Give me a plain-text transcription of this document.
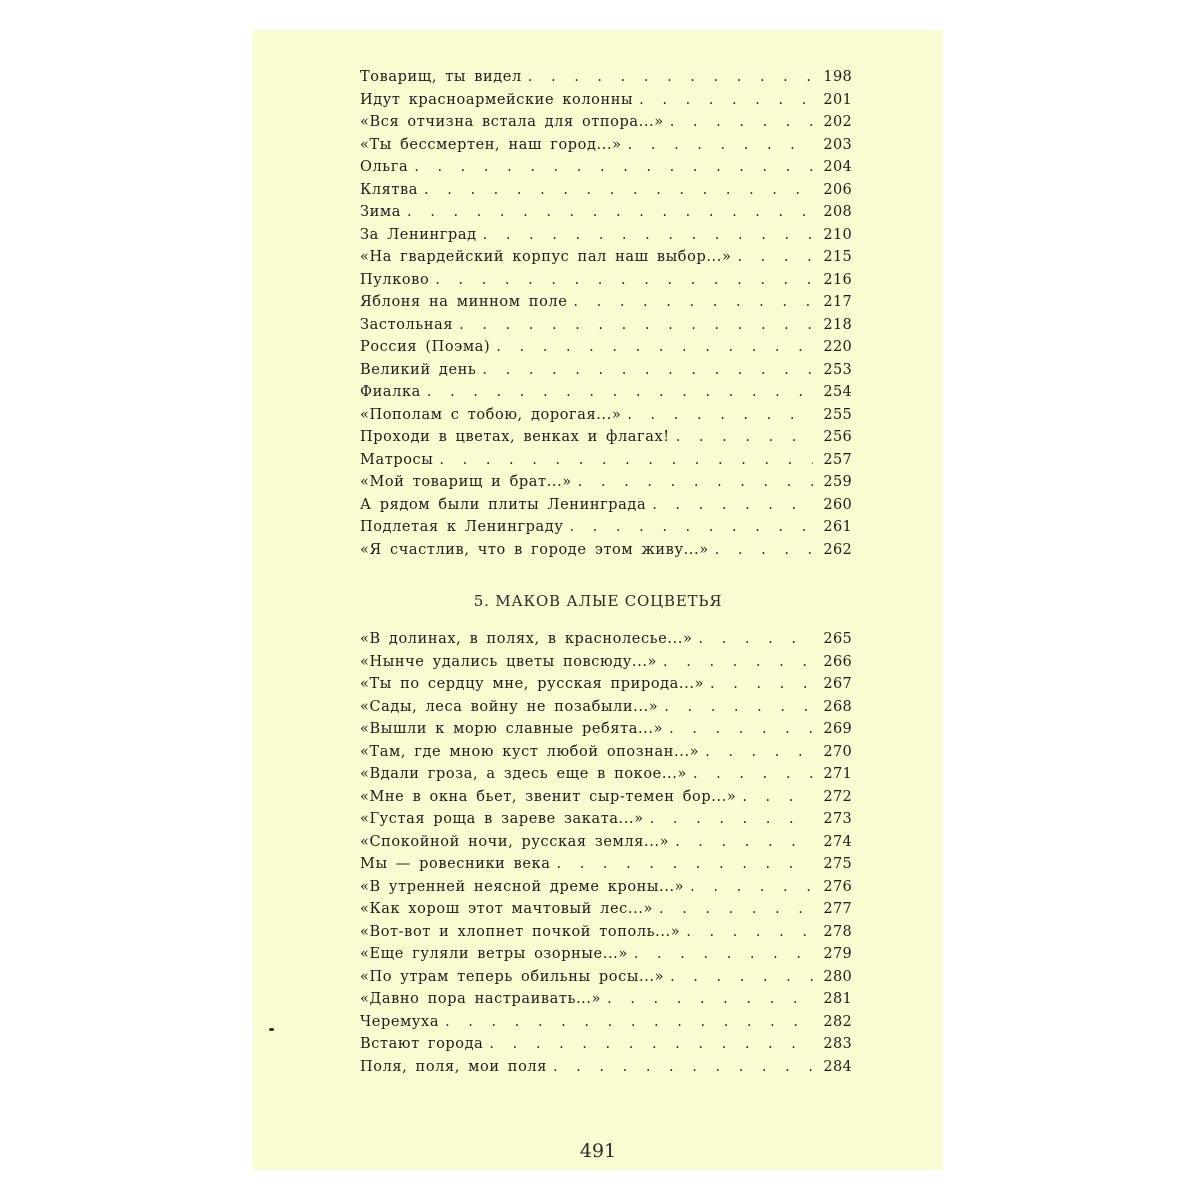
Товарищ, ты видел . . .	198
Идут красноармейские колонны . . .	201
«Вся отчизна встала для отпора...» . . .	202
«Ты бессмертен, наш город...» . . .	203
Ольга . . .	204
Клятва . . .	206
Зима . . .	208
За Ленинград . . .	210
«На гвардейский корпус пал наш выбор...» . . .	215
Пулково . . .	216
Яблоня на минном поле . . .	217
Застольная . . .	218
Россия (Поэма) . . .	220
Великий день . . .	253
Фиалка . . .	254
«Пополам с тобою, дорогая...» . . .	255
Проходи в цветах, венках и флагах! . . .	256
Матросы . . .	257
«Мой товарищ и брат...» . . .	259
А рядом были плиты Ленинграда . . .	260
Подлетая к Ленинграду . . .	261
«Я счастлив, что в городе этом живу...» . . .	262
5. МАКОВ АЛЫЕ СОЦВЕТЬЯ
«В долинах, в полях, в краснолесье...» . . .	265
«Нынче удались цветы повсюду...» . . .	266
«Ты по сердцу мне, русская природа...» . . .	267
«Сады, леса войну не позабыли...» . . .	268
«Вышли к морю славные ребята...» . . .	269
«Там, где мною куст любой опознан...» . . .	270
«Вдали гроза, а здесь еще в покое...» . . .	271
«Мне в окна бьет, звенит сыр-темен бор...» . . .	272
«Густая роща в зареве заката...» . . .	273
«Спокойной ночи, русская земля...» . . .	274
Мы — ровесники века . . .	275
«В утренней неясной дреме кроны...» . . .	276
«Как хорош этот мачтовый лес...» . . .	277
«Вот-вот и хлопнет почкой тополь...» . . .	278
«Еще гуляли ветры озорные...» . . .	279
«По утрам теперь обильны росы...» . . .	280
«Давно пора настраивать...» . . .	281
Черемуха . . .	282
Встают города . . .	283
Поля, поля, мои поля . . .	284
491
